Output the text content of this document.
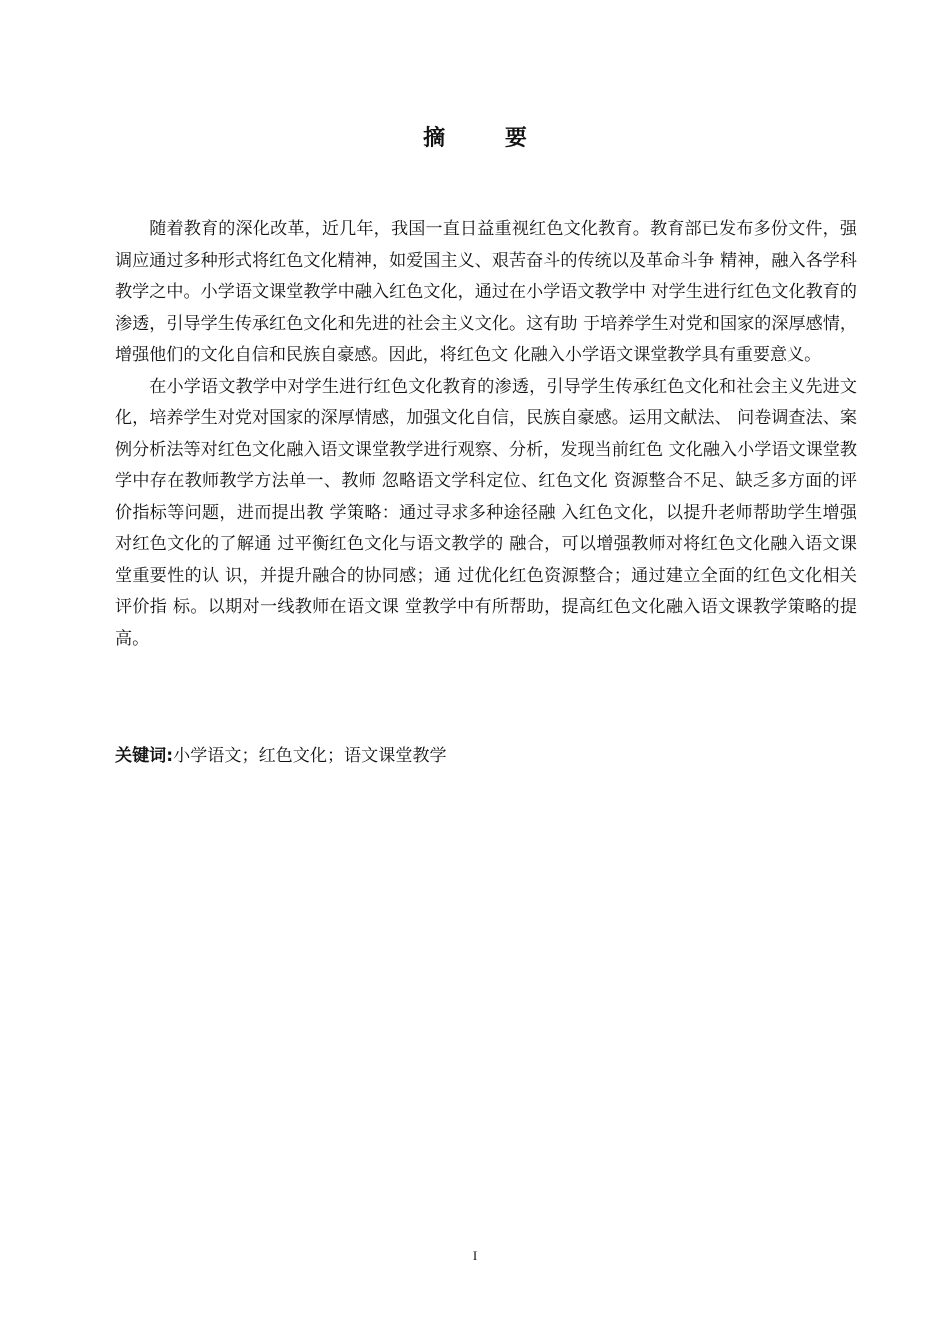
摘 要

随着教育的深化改革，近几年，我国一直日益重视红色文化教育。教育部已发布多份文件，强调应通过多种形式将红色文化精神，如爱国主义、艰苦奋斗的传统以及革命斗争 精神，融入各学科教学之中。小学语文课堂教学中融入红色文化，通过在小学语文教学中 对学生进行红色文化教育的渗透，引导学生传承红色文化和先进的社会主义文化。这有助 于培养学生对党和国家的深厚感情，增强他们的文化自信和民族自豪感。因此，将红色文 化融入小学语文课堂教学具有重要意义。

在小学语文教学中对学生进行红色文化教育的渗透，引导学生传承红色文化和社会主义先进文化，培养学生对党对国家的深厚情感，加强文化自信，民族自豪感。运用文献法、 问卷调查法、案例分析法等对红色文化融入语文课堂教学进行观察、分析，发现当前红色 文化融入小学语文课堂教学中存在教师教学方法单一、教师 忽略语文学科定位、红色文化 资源整合不足、缺乏多方面的评价指标等问题，进而提出教 学策略：通过寻求多种途径融 入红色文化，以提升老师帮助学生增强对红色文化的了解通 过平衡红色文化与语文教学的 融合，可以增强教师对将红色文化融入语文课堂重要性的认 识，并提升融合的协同感；通 过优化红色资源整合；通过建立全面的红色文化相关评价指 标。以期对一线教师在语文课 堂教学中有所帮助，提高红色文化融入语文课教学策略的提高。

关键词:小学语文；红色文化；语文课堂教学
I
